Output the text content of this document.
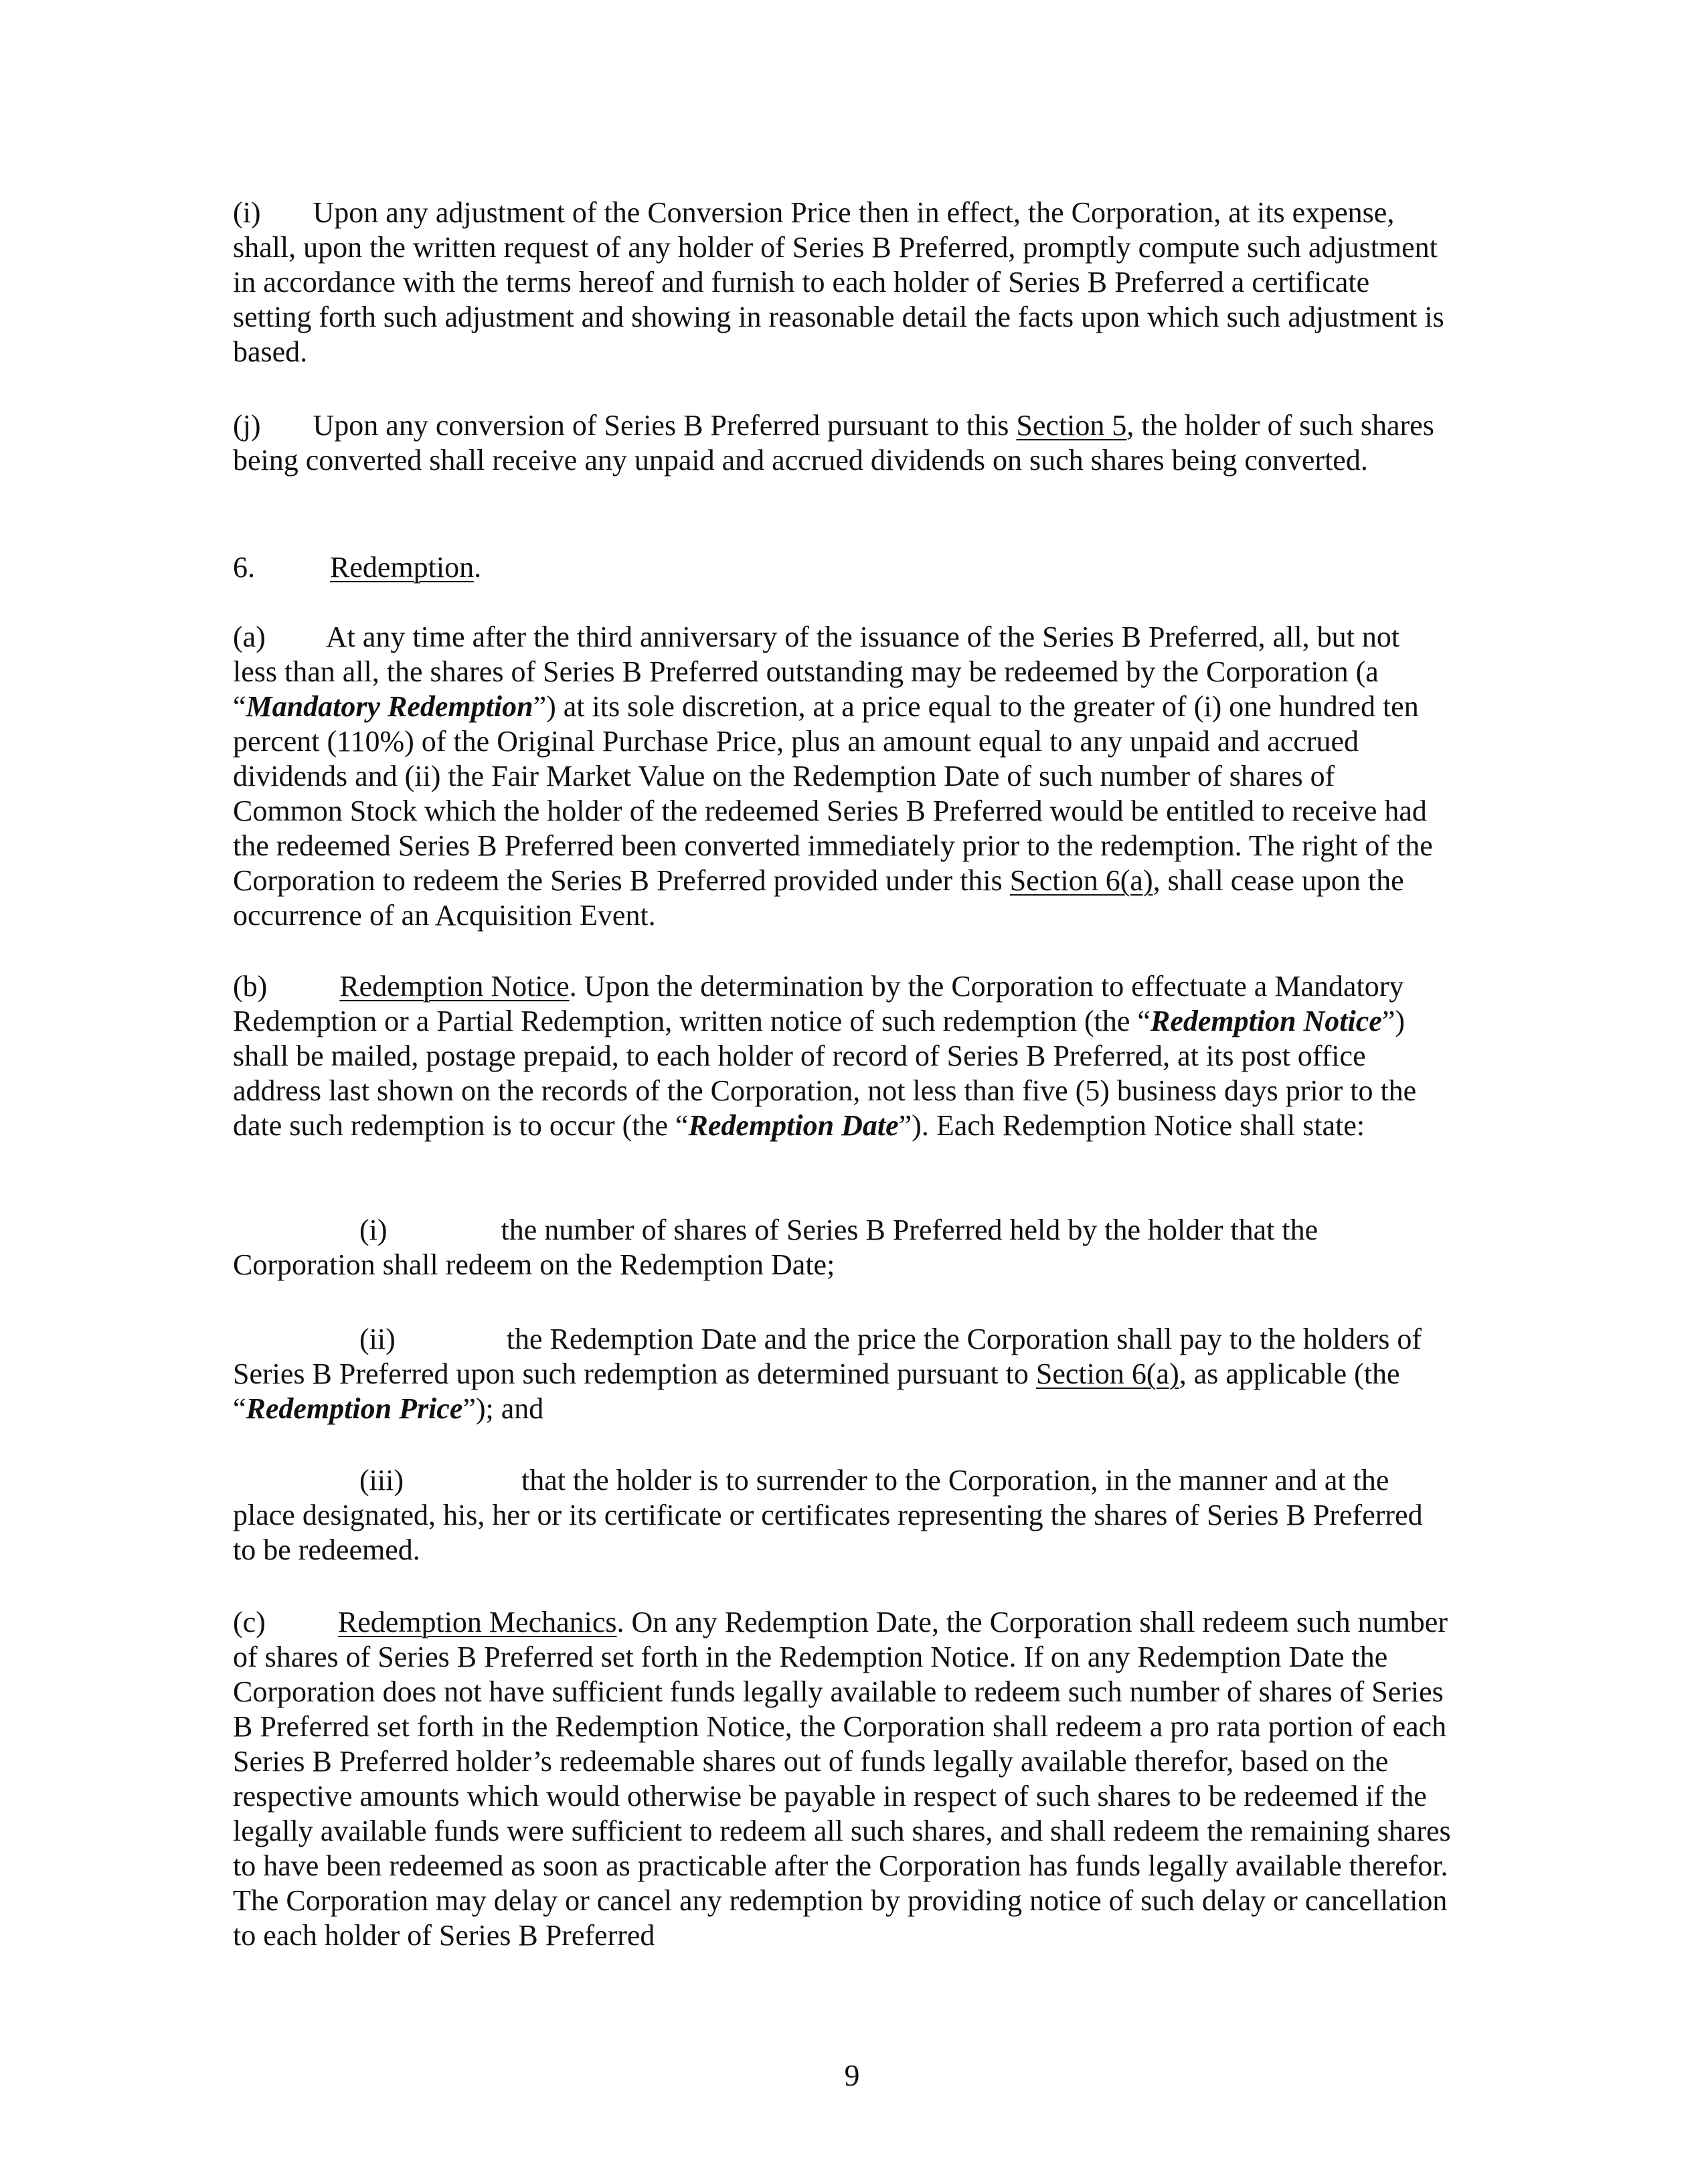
(i) Upon any adjustment of the Conversion Price then in effect, the Corporation, at its expense, shall, upon the written request of any holder of Series B Preferred, promptly compute such adjustment in accordance with the terms hereof and furnish to each holder of Series B Preferred a certificate setting forth such adjustment and showing in reasonable detail the facts upon which such adjustment is based.

(j) Upon any conversion of Series B Preferred pursuant to this Section 5, the holder of such shares being converted shall receive any unpaid and accrued dividends on such shares being converted.

6.	Redemption.

(a) At any time after the third anniversary of the issuance of the Series B Preferred, all, but not less than all, the shares of Series B Preferred outstanding may be redeemed by the Corporation (a “Mandatory Redemption”) at its sole discretion, at a price equal to the greater of (i) one hundred ten percent (110%) of the Original Purchase Price, plus an amount equal to any unpaid and accrued dividends and (ii) the Fair Market Value on the Redemption Date of such number of shares of Common Stock which the holder of the redeemed Series B Preferred would be entitled to receive had the redeemed Series B Preferred been converted immediately prior to the redemption. The right of the Corporation to redeem the Series B Preferred provided under this Section 6(a), shall cease upon the occurrence of an Acquisition Event.

(b) Redemption Notice. Upon the determination by the Corporation to effectuate a Mandatory Redemption or a Partial Redemption, written notice of such redemption (the “Redemption Notice”) shall be mailed, postage prepaid, to each holder of record of Series B Preferred, at its post office address last shown on the records of the Corporation, not less than five (5) business days prior to the date such redemption is to occur (the “Redemption Date”). Each Redemption Notice shall state:

(i)	the number of shares of Series B Preferred held by the holder that the Corporation shall redeem on the Redemption Date;

(ii)	the Redemption Date and the price the Corporation shall pay to the holders of Series B Preferred upon such redemption as determined pursuant to Section 6(a), as applicable (the “Redemption Price”); and

(iii)	that the holder is to surrender to the Corporation, in the manner and at the place designated, his, her or its certificate or certificates representing the shares of Series B Preferred to be redeemed.

(c) Redemption Mechanics. On any Redemption Date, the Corporation shall redeem such number of shares of Series B Preferred set forth in the Redemption Notice. If on any Redemption Date the Corporation does not have sufficient funds legally available to redeem such number of shares of Series B Preferred set forth in the Redemption Notice, the Corporation shall redeem a pro rata portion of each Series B Preferred holder’s redeemable shares out of funds legally available therefor, based on the respective amounts which would otherwise be payable in respect of such shares to be redeemed if the legally available funds were sufficient to redeem all such shares, and shall redeem the remaining shares to have been redeemed as soon as practicable after the Corporation has funds legally available therefor. The Corporation may delay or cancel any redemption by providing notice of such delay or cancellation to each holder of Series B Preferred

9
